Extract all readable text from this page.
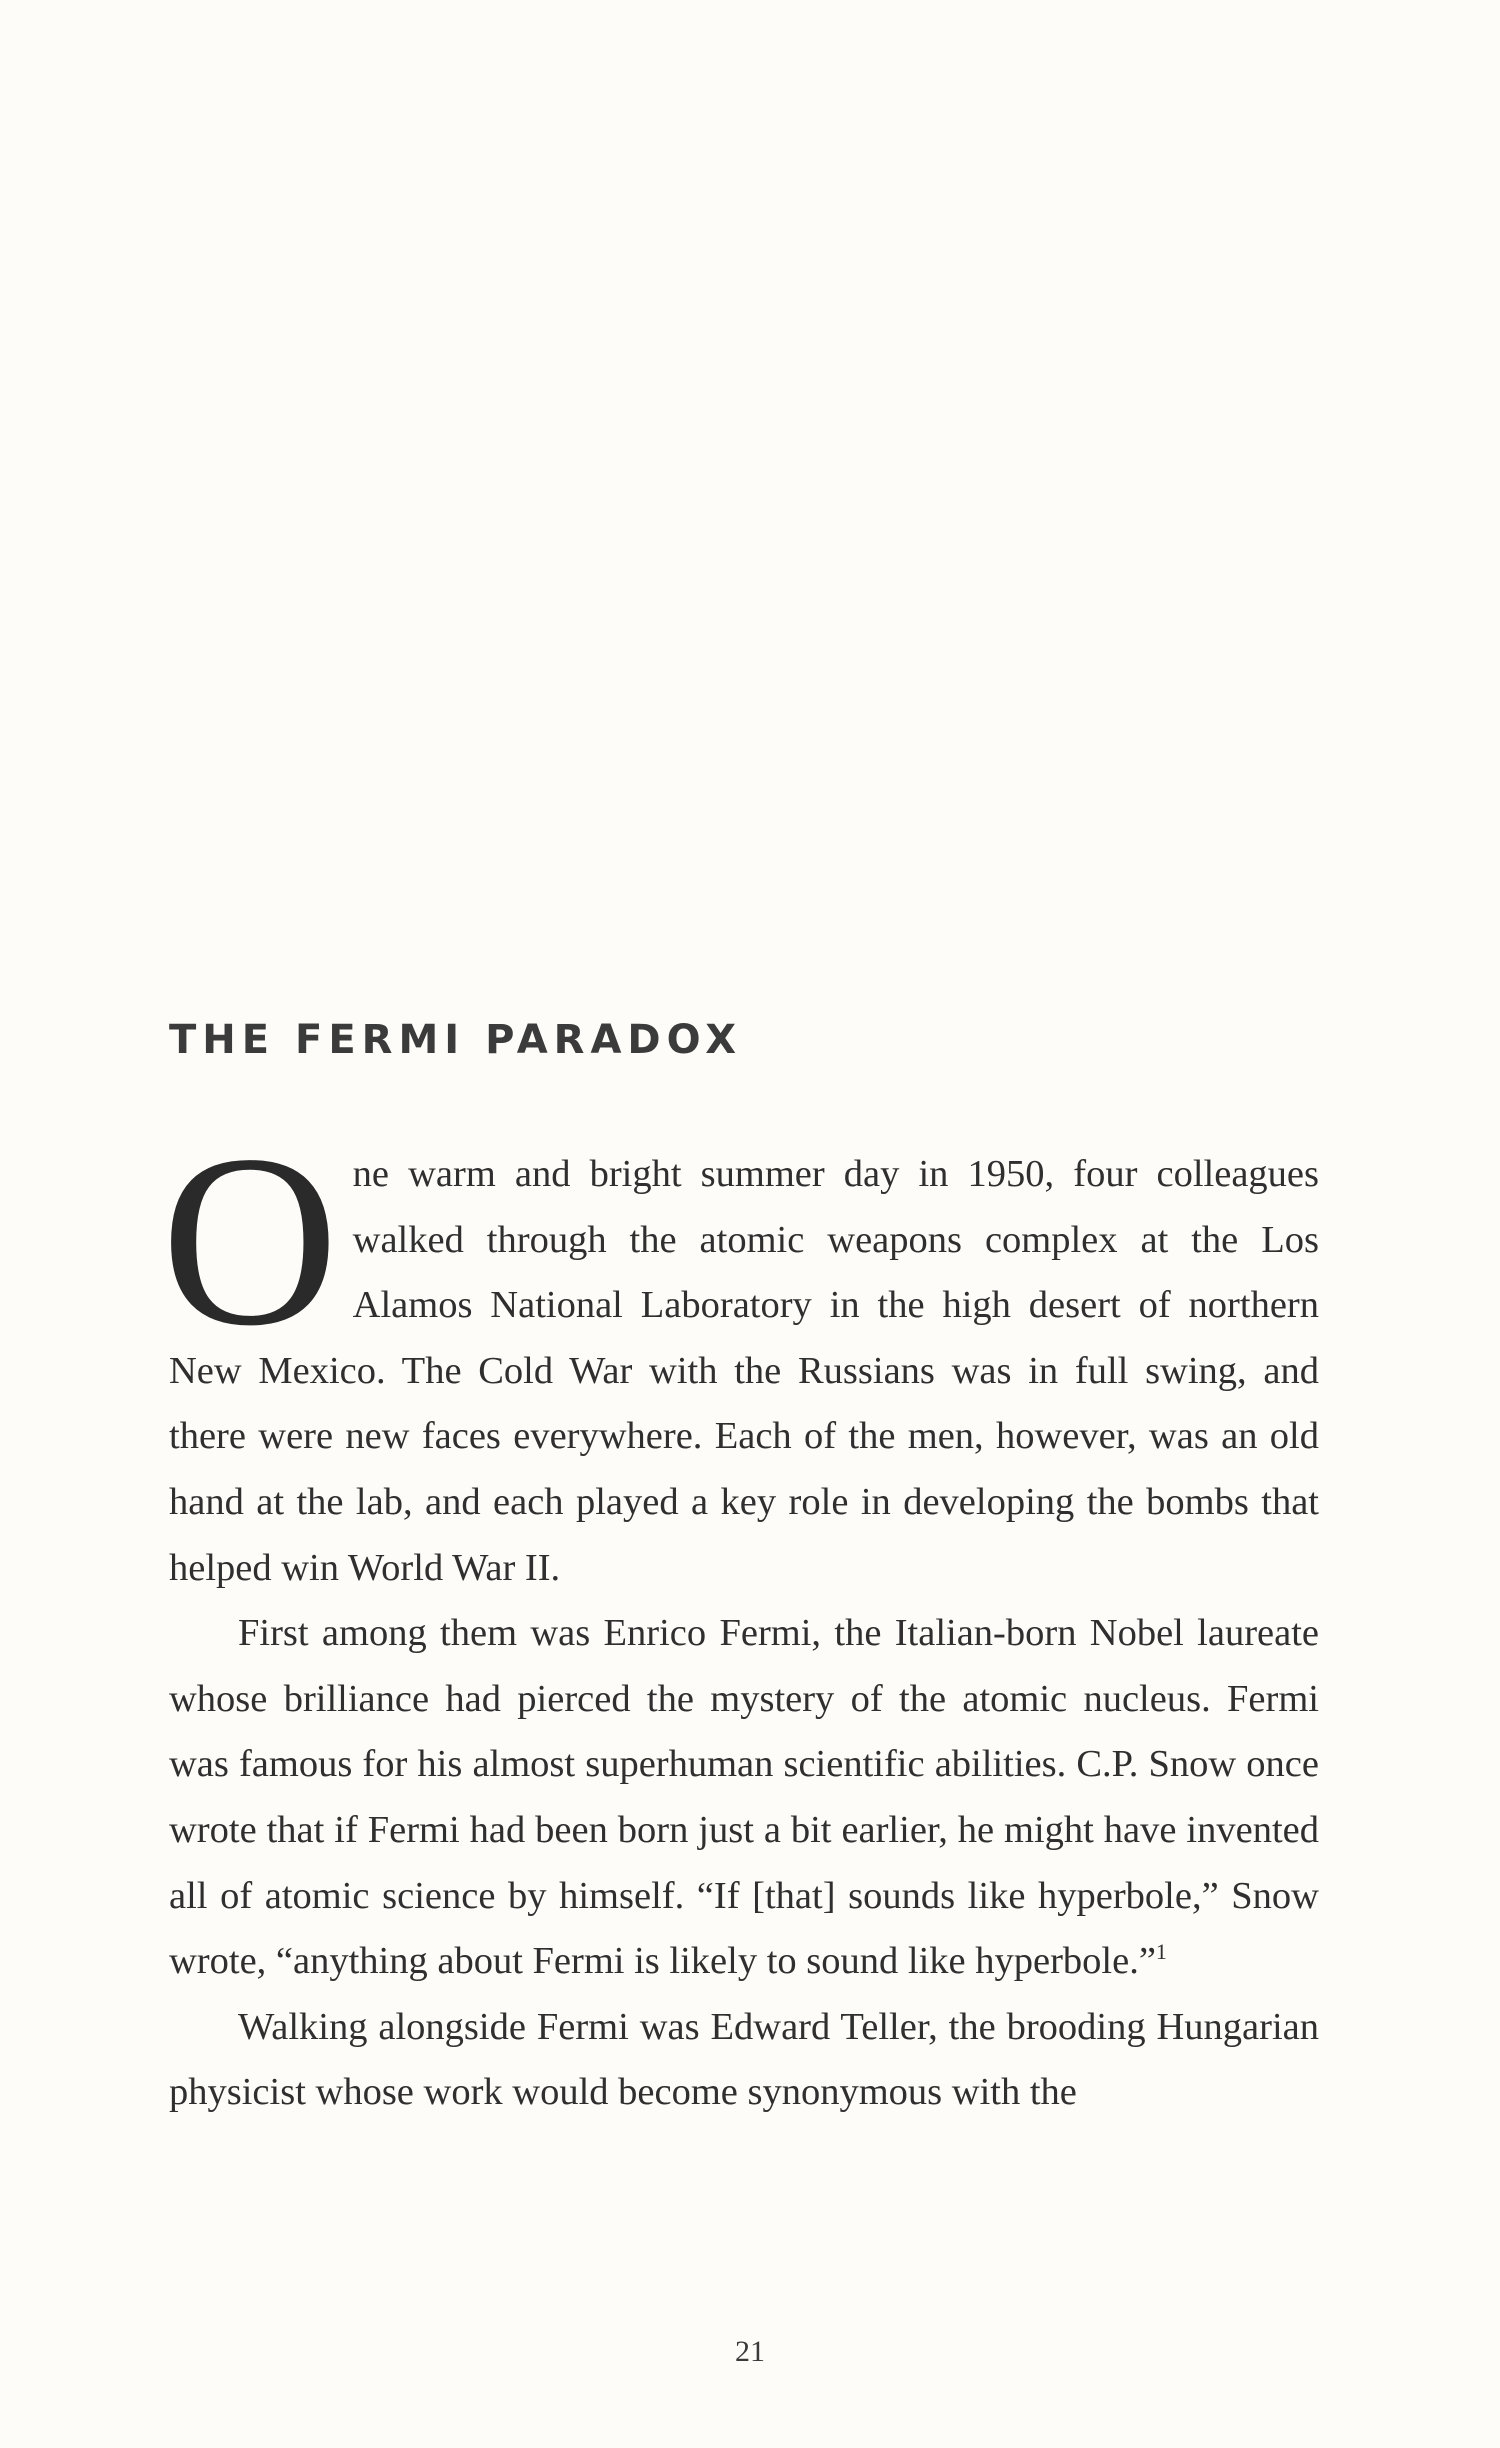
THE FERMI PARADOX

One warm and bright summer day in 1950, four colleagues walked through the atomic weapons complex at the Los Alamos National Laboratory in the high desert of northern New Mexico. The Cold War with the Russians was in full swing, and there were new faces everywhere. Each of the men, however, was an old hand at the lab, and each played a key role in developing the bombs that helped win World War II.

First among them was Enrico Fermi, the Italian-born Nobel laureate whose brilliance had pierced the mystery of the atomic nucleus. Fermi was famous for his almost superhuman scientific abilities. C.P. Snow once wrote that if Fermi had been born just a bit earlier, he might have invented all of atomic science by himself. “If [that] sounds like hyperbole,” Snow wrote, “anything about Fermi is likely to sound like hyperbole.”$^1$

Walking alongside Fermi was Edward Teller, the brooding Hungarian physicist whose work would become synonymous with the

21
